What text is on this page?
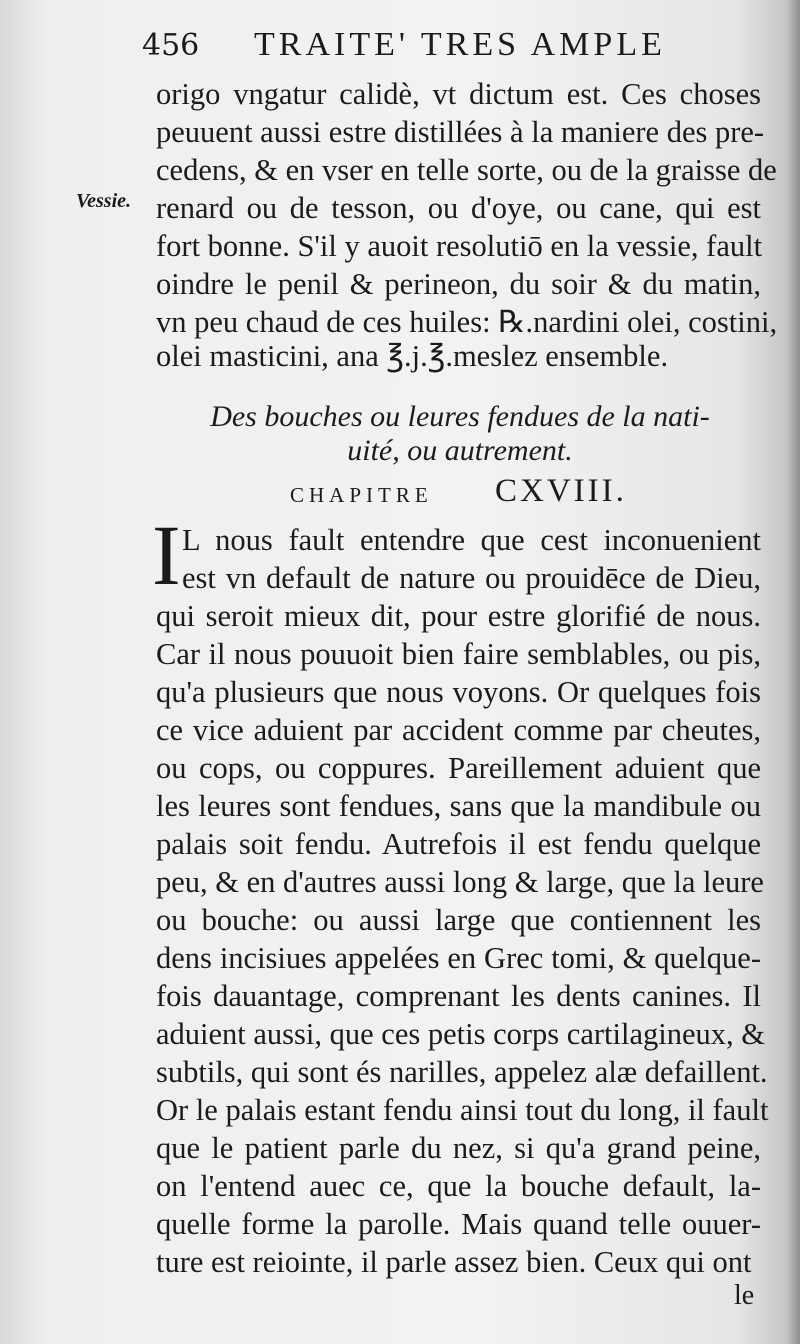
456 TRAITE' TRES AMPLE
Vessie.
origo vngatur calidè, vt dictum est. Ces choses
peuuent aussi estre distillées à la maniere des pre-
cedens, & en vser en telle sorte, ou de la graisse de
renard ou de tesson, ou d'oye, ou cane, qui est
fort bonne. S'il y auoit resolutiō en la vessie, fault
oindre le penil & perineon, du soir & du matin,
vn peu chaud de ces huiles: ℞.nardini olei, costini,
olei masticini, ana ℥.j.℥.meslez ensemble.
Des bouches ou leures fendues de la nati-
uité, ou autrement.
CHAPITRE CXVIII.
I L nous fault entendre que cest inconuenient
est vn default de nature ou prouidēce de Dieu,
qui seroit mieux dit, pour estre glorifié de nous.
Car il nous pouuoit bien faire semblables, ou pis,
qu'a plusieurs que nous voyons. Or quelques fois
ce vice aduient par accident comme par cheutes,
ou cops, ou coppures. Pareillement aduient que
les leures sont fendues, sans que la mandibule ou
palais soit fendu. Autrefois il est fendu quelque
peu, & en d'autres aussi long & large, que la leure
ou bouche: ou aussi large que contiennent les
dens incisiues appelées en Grec tomi, & quelque-
fois dauantage, comprenant les dents canines. Il
aduient aussi, que ces petis corps cartilagineux, &
subtils, qui sont és narilles, appelez alæ defaillent.
Or le palais estant fendu ainsi tout du long, il fault
que le patient parle du nez, si qu'a grand peine,
on l'entend auec ce, que la bouche default, la-
quelle forme la parolle. Mais quand telle ouuer-
ture est reiointe, il parle assez bien. Ceux qui ont
le
